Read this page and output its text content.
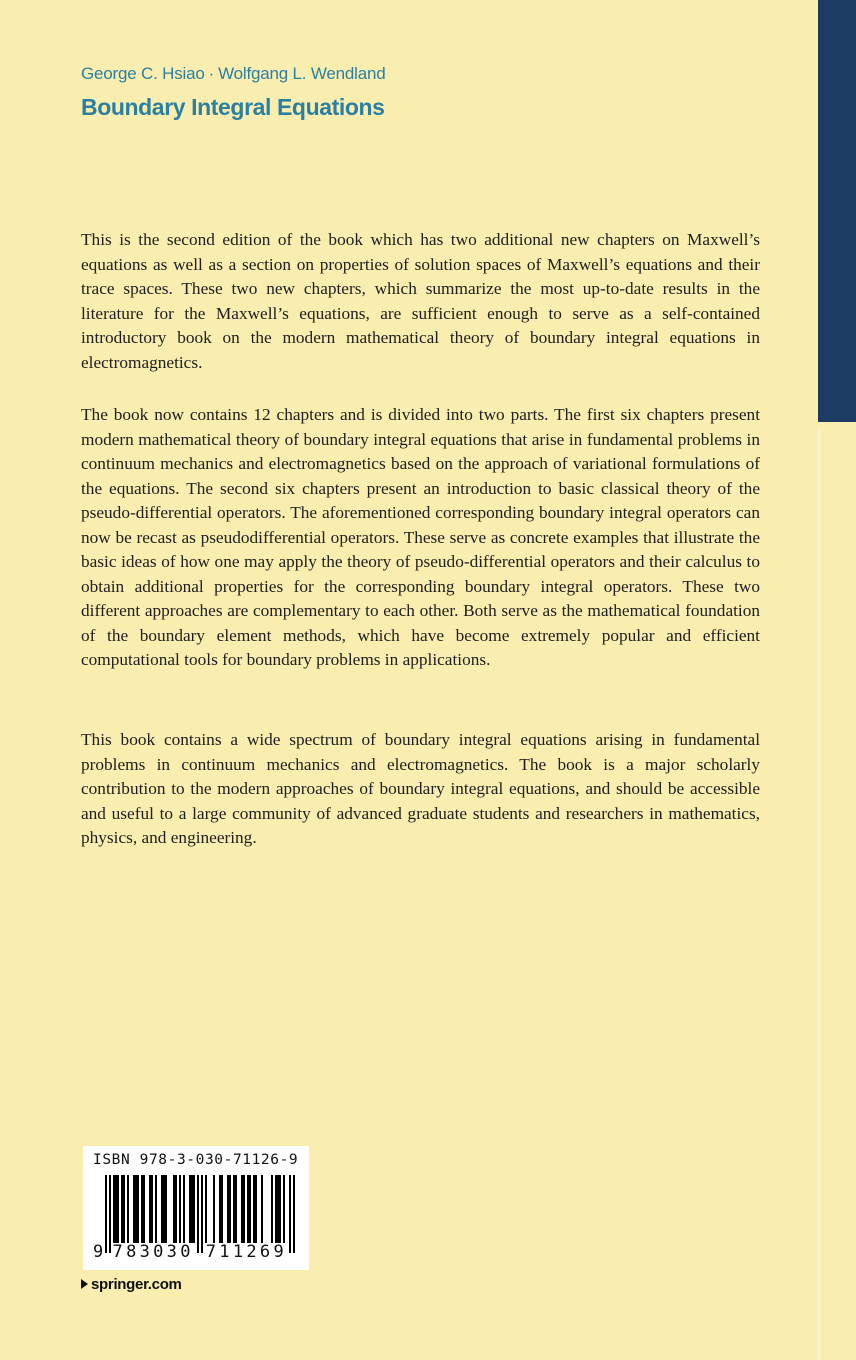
George C. Hsiao · Wolfgang L. Wendland
Boundary Integral Equations

This is the second edition of the book which has two additional new chapters on Maxwell’s equations as well as a section on properties of solution spaces of Maxwell’s equations and their trace spaces. These two new chapters, which summarize the most up-to-date results in the literature for the Maxwell’s equations, are sufficient enough to serve as a self-contained introductory book on the modern mathematical theory of boundary integral equations in electromagnetics.

The book now contains 12 chapters and is divided into two parts. The first six chapters present modern mathematical theory of boundary integral equations that arise in fundamental problems in continuum mechanics and electromagnetics based on the approach of variational formulations of the equations. The second six chapters present an introduction to basic classical theory of the pseudo-differential operators. The aforementioned corresponding boundary integral operators can now be recast as pseudodifferential operators. These serve as concrete examples that illustrate the basic ideas of how one may apply the theory of pseudo-differential operators and their calculus to obtain additional properties for the corresponding boundary integral operators. These two different approaches are complementary to each other. Both serve as the mathematical foundation of the boundary element methods, which have become extremely popular and efficient computational tools for boundary problems in applications.

This book contains a wide spectrum of boundary integral equations arising in fundamental problems in continuum mechanics and electromagnetics. The book is a major scholarly contribution to the modern approaches of boundary integral equations, and should be accessible and useful to a large community of advanced graduate students and researchers in mathematics, physics, and engineering.

ISBN 978-3-030-71126-9
9 783030 711269
springer.com
